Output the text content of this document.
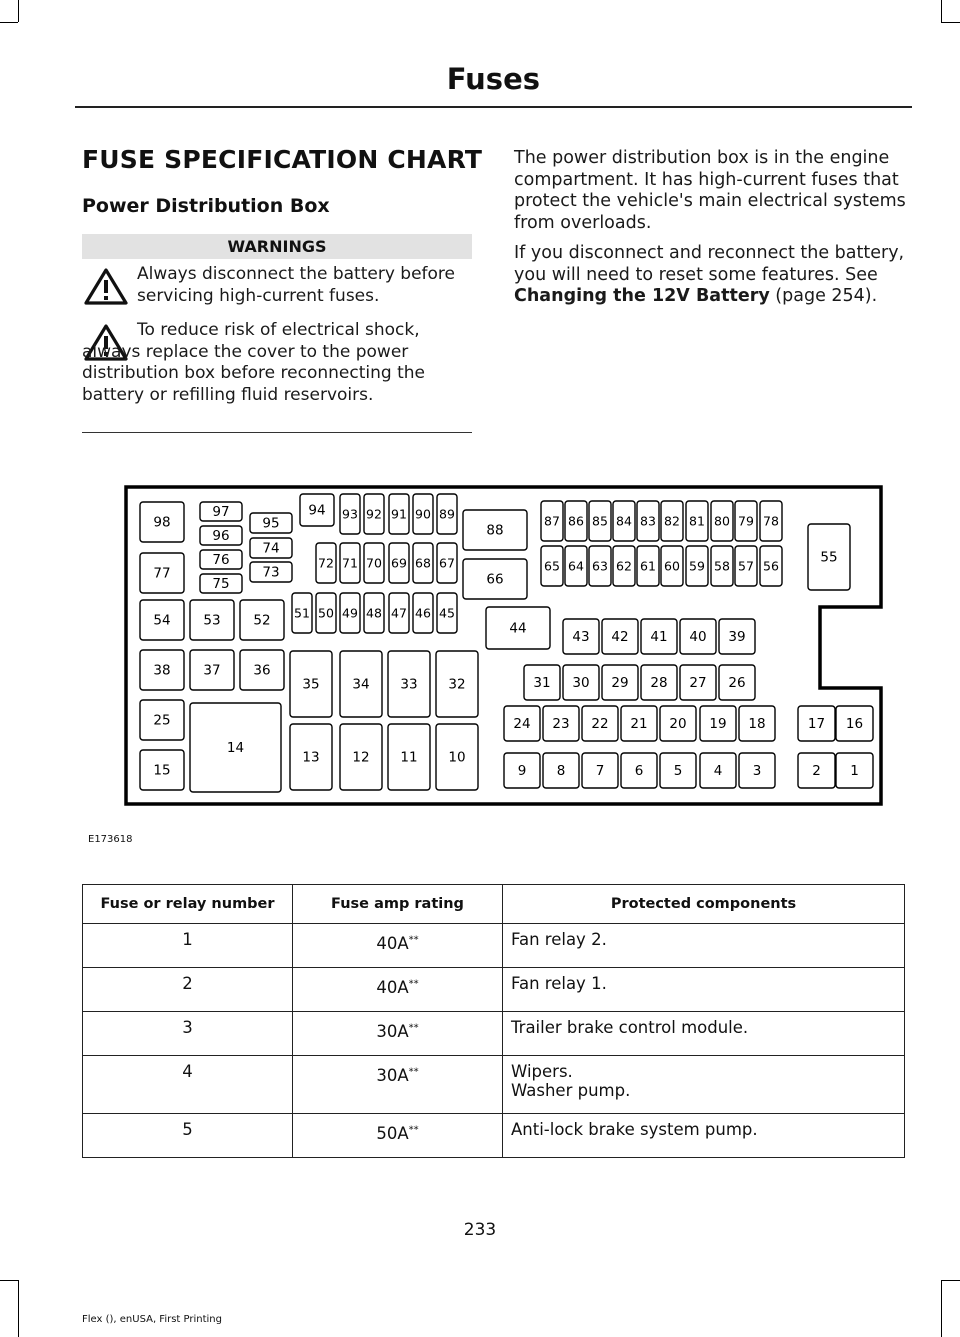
Fuses
FUSE SPECIFICATION CHART
Power Distribution Box
WARNINGS
Always disconnect the battery before servicing high-current fuses.
To reduce risk of electrical shock, always replace the cover to the power distribution box before reconnecting the battery or refilling fluid reservoirs.
The power distribution box is in the engine compartment. It has high-current fuses that protect the vehicle's main electrical systems from overloads.
If you disconnect and reconnect the battery, you will need to reset some features. See Changing the 12V Battery (page 254).
1
2
3
4
5
6
7
8
9
10
11
12
13
14
15
16
17
18
19
20
21
22
23
24
25
26
27
28
29
30
31
32
33
34
35
36
37
38
39
40
41
42
43
44
45
46
47
48
49
50
51
52
53
54
55
56
57
58
59
60
61
62
63
64
65
66
67
68
69
70
71
72
73
74
75
76
77
78
79
80
81
82
83
84
85
86
87
88
89
90
91
92
93
94
95
96
97
98
E173618
Fuse or relay number	Fuse amp rating	Protected components
1	40A**	Fan relay 2.
2	40A**	Fan relay 1.
3	30A**	Trailer brake control module.
4	30A**	Wipers.
Washer pump.

5	50A**	Anti-lock brake system pump.
233
Flex (), enUSA, First Printing
